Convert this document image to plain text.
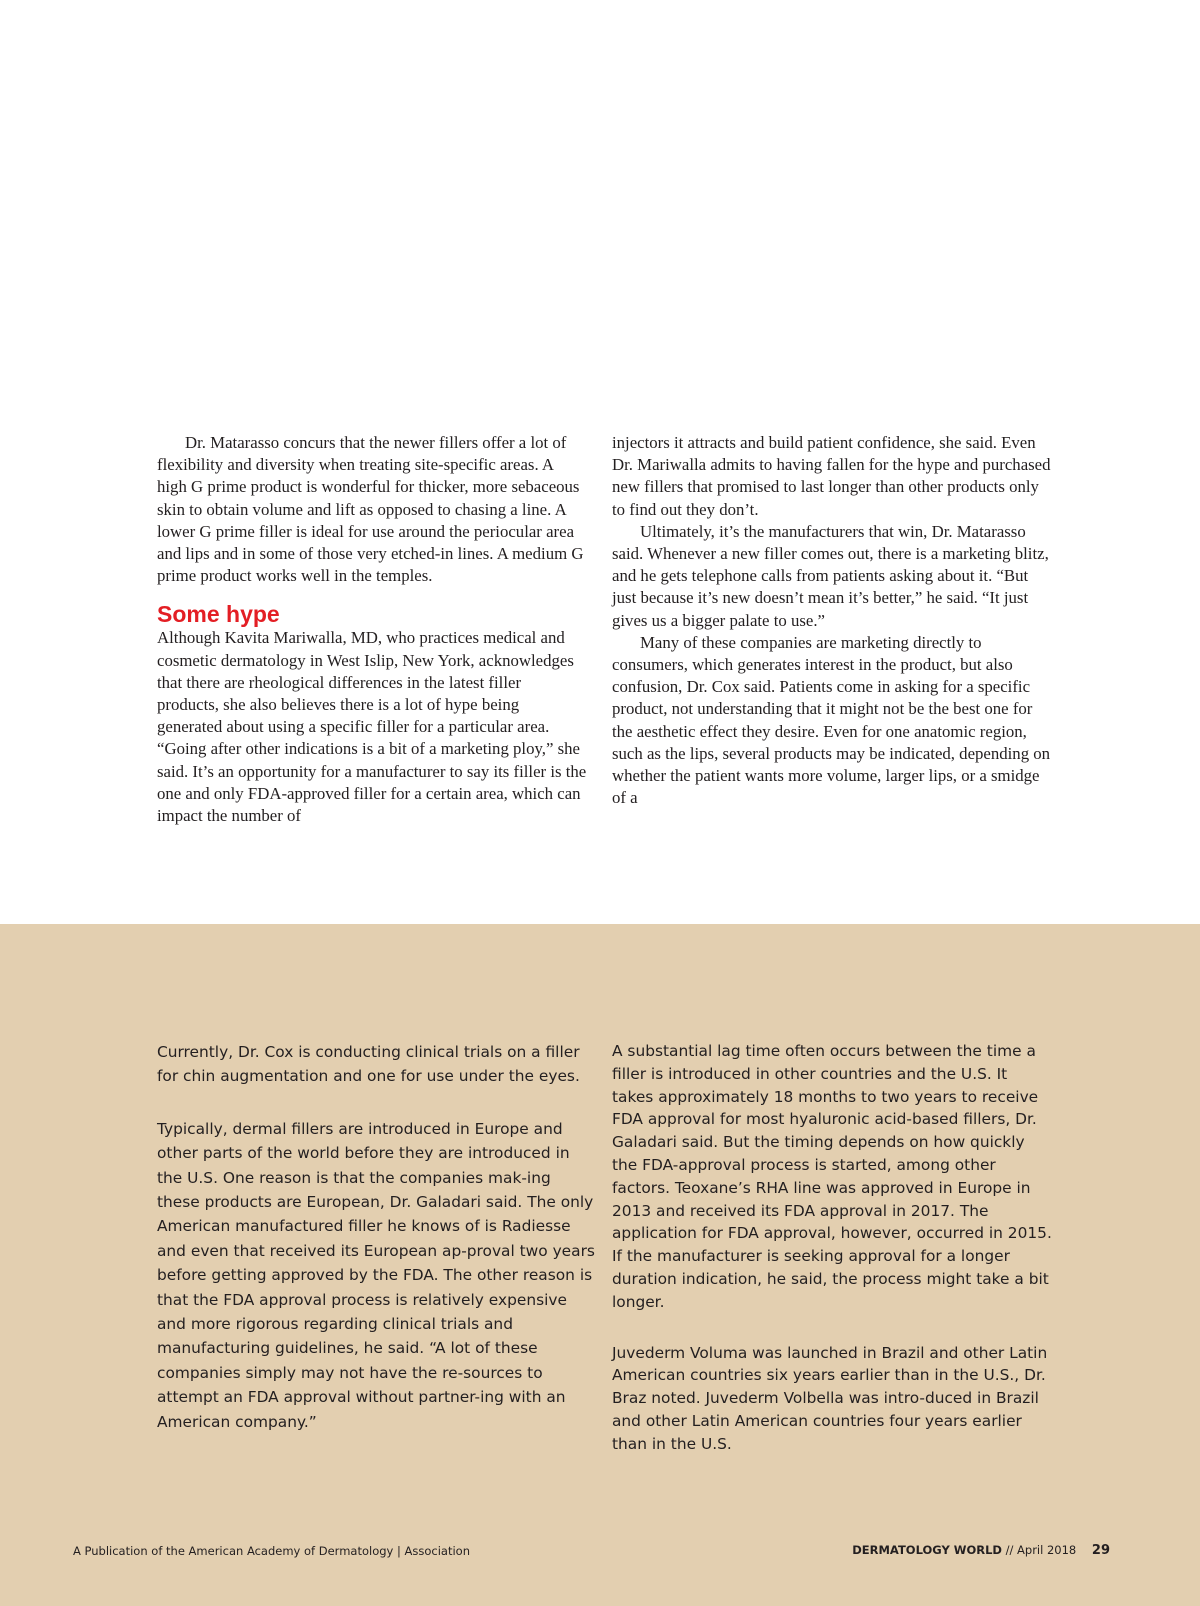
Dr. Matarasso concurs that the newer fillers offer a lot of flexibility and diversity when treating site-specific areas. A high G prime product is wonderful for thicker, more sebaceous skin to obtain volume and lift as opposed to chasing a line. A lower G prime filler is ideal for use around the periocular area and lips and in some of those very etched-in lines. A medium G prime product works well in the temples.

Some hype

Although Kavita Mariwalla, MD, who practices medical and cosmetic dermatology in West Islip, New York, acknowledges that there are rheological differences in the latest filler products, she also believes there is a lot of hype being generated about using a specific filler for a particular area. “Going after other indications is a bit of a marketing ploy,” she said. It’s an opportunity for a manufacturer to say its filler is the one and only FDA-approved filler for a certain area, which can impact the number of

injectors it attracts and build patient confidence, she said. Even Dr. Mariwalla admits to having fallen for the hype and purchased new fillers that promised to last longer than other products only to find out they don’t.

Ultimately, it’s the manufacturers that win, Dr. Matarasso said. Whenever a new filler comes out, there is a marketing blitz, and he gets telephone calls from patients asking about it. “But just because it’s new doesn’t mean it’s better,” he said. “It just gives us a bigger palate to use.”

Many of these companies are marketing directly to consumers, which generates interest in the product, but also confusion, Dr. Cox said. Patients come in asking for a specific product, not understanding that it might not be the best one for the aesthetic effect they desire. Even for one anatomic region, such as the lips, several products may be indicated, depending on whether the patient wants more volume, larger lips, or a smidge of a

Currently, Dr. Cox is conducting clinical trials on a filler for chin augmentation and one for use under the eyes.

Typically, dermal fillers are introduced in Europe and other parts of the world before they are introduced in the U.S. One reason is that the companies mak-ing these products are European, Dr. Galadari said. The only American manufactured filler he knows of is Radiesse and even that received its European ap-proval two years before getting approved by the FDA. The other reason is that the FDA approval process is relatively expensive and more rigorous regarding clinical trials and manufacturing guidelines, he said. “A lot of these companies simply may not have the re-sources to attempt an FDA approval without partner-ing with an American company.”

A substantial lag time often occurs between the time a filler is introduced in other countries and the U.S. It takes approximately 18 months to two years to receive FDA approval for most hyaluronic acid-based fillers, Dr. Galadari said. But the timing depends on how quickly the FDA-approval process is started, among other factors. Teoxane’s RHA line was approved in Europe in 2013 and received its FDA approval in 2017. The application for FDA approval, however, occurred in 2015. If the manufacturer is seeking approval for a longer duration indication, he said, the process might take a bit longer.

Juvederm Voluma was launched in Brazil and other Latin American countries six years earlier than in the U.S., Dr. Braz noted. Juvederm Volbella was intro-duced in Brazil and other Latin American countries four years earlier than in the U.S.

A Publication of the American Academy of Dermatology | Association	DERMATOLOGY WORLD // April 2018 29
